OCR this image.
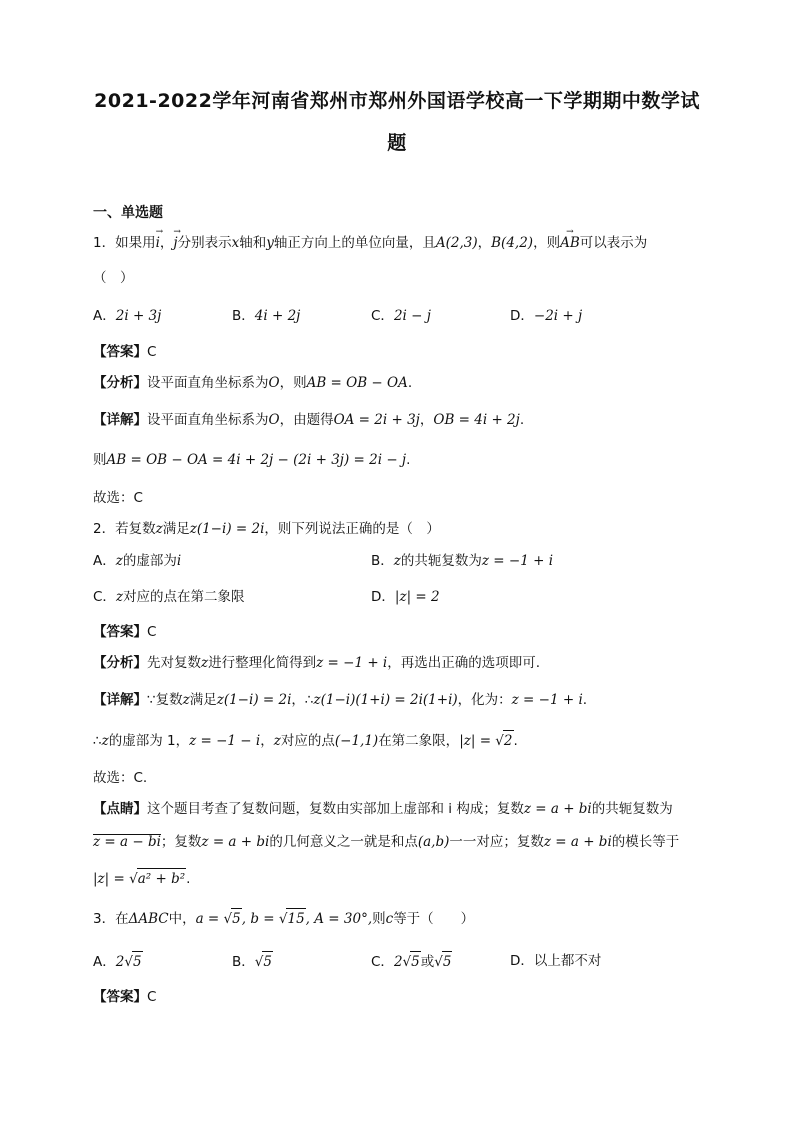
2021-2022学年河南省郑州市郑州外国语学校高一下学期期中数学试
题
一、单选题
1．如果用→ i，→ j分别表示x轴和y轴正方向上的单位向量，且A(2,3)，B(4,2)，则→ AB可以表示为
（　）
A．2i + 3j	B．4i + 2j	C．2i − j	D．−2i + j
【答案】C
【分析】设平面直角坐标系为O，则AB = OB − OA.
【详解】设平面直角坐标系为O，由题得OA = 2i + 3j，OB = 4i + 2j.
则AB = OB − OA = 4i + 2j − (2i + 3j) = 2i − j.
故选：C
2．若复数z满足z(1−i) = 2i，则下列说法正确的是（　）
A．z的虚部为i	B．z的共轭复数为z = −1 + i
C．z对应的点在第二象限	D．|z| = 2
【答案】C
【分析】先对复数z进行整理化简得到z = −1 + i，再选出正确的选项即可.
【详解】∵复数z满足z(1−i) = 2i，∴z(1−i)(1+i) = 2i(1+i)，化为：z = −1 + i.
∴z的虚部为 1，z = −1 − i，z对应的点(−1,1)在第二象限，|z| = √2.
故选：C.
【点睛】这个题目考查了复数问题，复数由实部加上虚部和 i 构成；复数z = a + bi的共轭复数为
z = a − bi；复数z = a + bi的几何意义之一就是和点(a,b)一一对应；复数z = a + bi的模长等于
|z| = √a² + b².
3．在ΔABC中，a = √5, b = √15, A = 30°,则c等于（　　）
A．2√5	B．√5	C．2√5或√5	D．以上都不对
【答案】C
